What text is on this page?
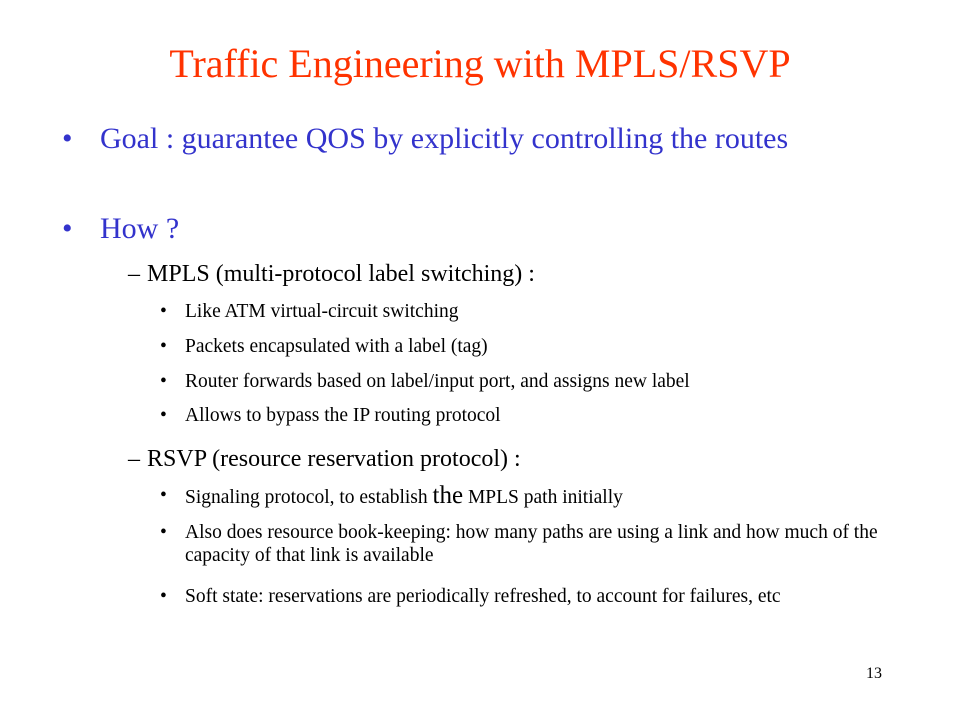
Traffic Engineering with MPLS/RSVP
• Goal : guarantee QOS by explicitly controlling the routes
• How ?
– MPLS (multi-protocol label switching) :
• Like ATM virtual-circuit switching
• Packets encapsulated with a label (tag)
• Router forwards based on label/input port, and assigns new label
• Allows to bypass the IP routing protocol
– RSVP (resource reservation protocol) :
• Signaling protocol, to establish the MPLS path initially
• Also does resource book-keeping: how many paths are using a link and how much of the capacity of that link is available
• Soft state: reservations are periodically refreshed, to account for failures, etc
13
